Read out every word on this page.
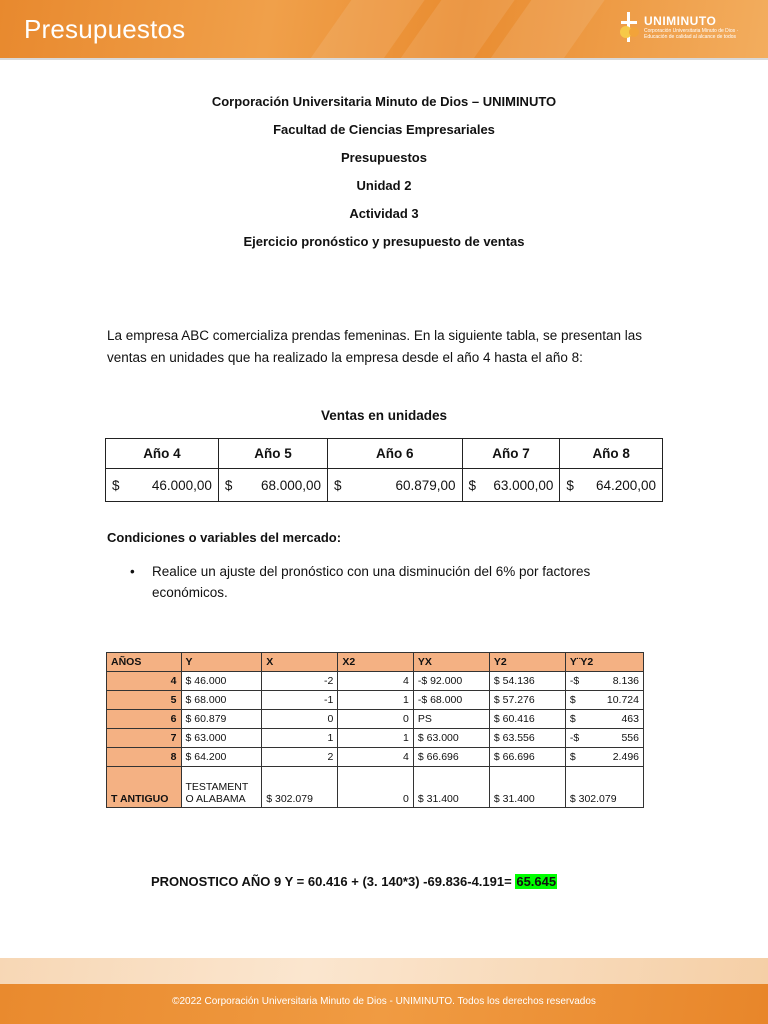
Presupuestos	UNIMINUTO
Corporación Universitaria Minuto de Dios · Educación de calidad al alcance de todos
Corporación Universitaria Minuto de Dios – UNIMINUTO
Facultad de Ciencias Empresariales
Presupuestos
Unidad 2
Actividad 3
Ejercicio pronóstico y presupuesto de ventas
La empresa ABC comercializa prendas femeninas. En la siguiente tabla, se presentan las ventas en unidades que ha realizado la empresa desde el año 4 hasta el año 8:
Ventas en unidades
Año 4	Año 5	Año 6	Año 7	Año 8

$ 46.000,00	$ 68.000,00	$ 60.879,00	$ 63.000,00	$ 64.200,00
Condiciones o variables del mercado:
• Realice un ajuste del pronóstico con una disminución del 6% por factores económicos.
AÑOS	Y	X	X2	YX	Y2	Y¨Y2
4	$ 46.000	-2	4	-$ 92.000	$ 54.136	-$ 8.136

5	$ 68.000	-1	1	-$ 68.000	$ 57.276	$ 10.724

6	$ 60.879	0	0	PS	$ 60.416	$ 463

7	$ 63.000	1	1	$ 63.000	$ 63.556	-$ 556

8	$ 64.200	2	4	$ 66.696	$ 66.696	$ 2.496

T ANTIGUO	TESTAMENT O ALABAMA	$ 302.079	0	$ 31.400	$ 31.400	$ 302.079
PRONOSTICO AÑO 9 Y = 60.416 + (3. 140*3) -69.836-4.191= 65.645
©2022 Corporación Universitaria Minuto de Dios - UNIMINUTO. Todos los derechos reservados
